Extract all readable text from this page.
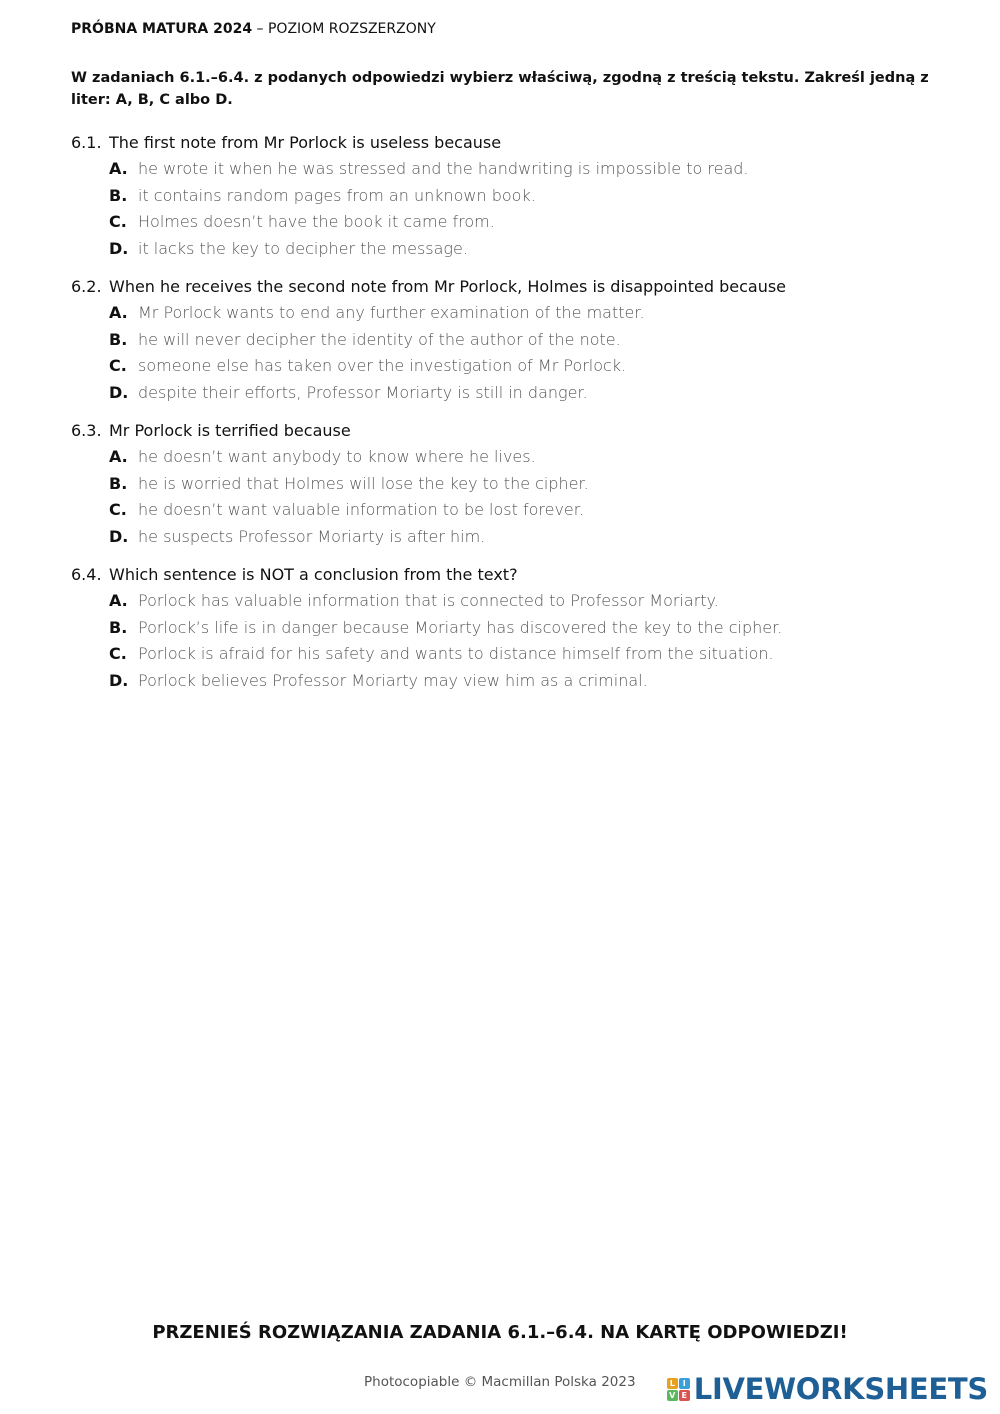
PRÓBNA MATURA 2024 – POZIOM ROZSZERZONY
W zadaniach 6.1.–6.4. z podanych odpowiedzi wybierz właściwą, zgodną z treścią tekstu. Zakreśl jedną z liter: A, B, C albo D.
6.1. The first note from Mr Porlock is useless because
A. he wrote it when he was stressed and the handwriting is impossible to read.
B. it contains random pages from an unknown book.
C. Holmes doesn’t have the book it came from.
D. it lacks the key to decipher the message.
6.2. When he receives the second note from Mr Porlock, Holmes is disappointed because
A. Mr Porlock wants to end any further examination of the matter.
B. he will never decipher the identity of the author of the note.
C. someone else has taken over the investigation of Mr Porlock.
D. despite their efforts, Professor Moriarty is still in danger.
6.3. Mr Porlock is terrified because
A. he doesn’t want anybody to know where he lives.
B. he is worried that Holmes will lose the key to the cipher.
C. he doesn’t want valuable information to be lost forever.
D. he suspects Professor Moriarty is after him.
6.4. Which sentence is NOT a conclusion from the text?
A. Porlock has valuable information that is connected to Professor Moriarty.
B. Porlock’s life is in danger because Moriarty has discovered the key to the cipher.
C. Porlock is afraid for his safety and wants to distance himself from the situation.
D. Porlock believes Professor Moriarty may view him as a criminal.
PRZENIEŚ ROZWIĄZANIA ZADANIA 6.1.–6.4. NA KARTĘ ODPOWIEDZI!
Photocopiable © Macmillan Polska 2023	L I
V E LIVEWORKSHEETS
